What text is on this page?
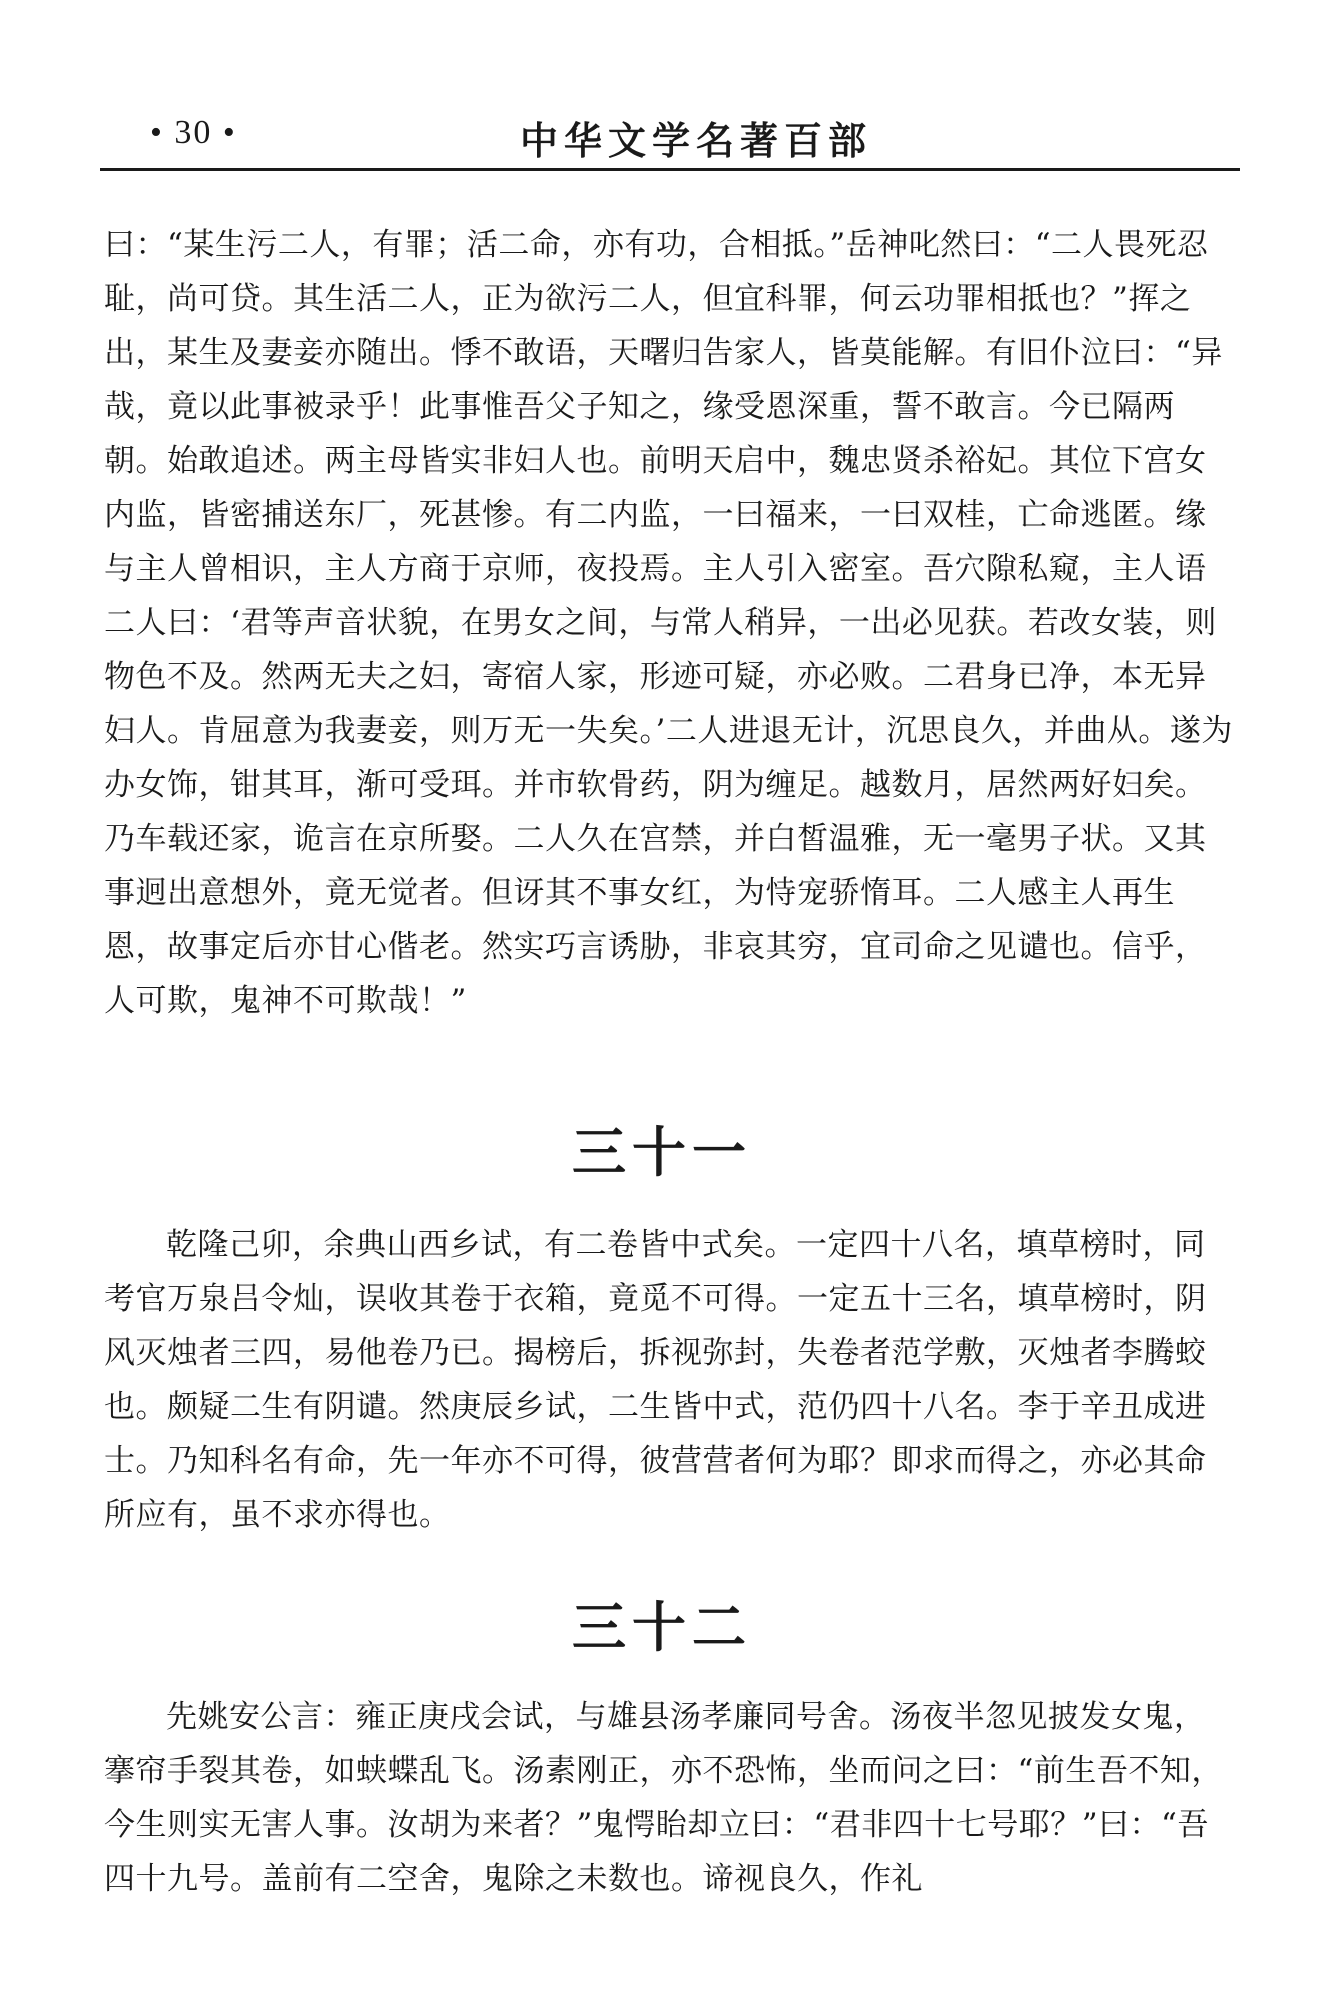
• 30 •	中华文学名著百部

曰：“某生污二人，有罪；活二命，亦有功，合相抵。”岳神叱然曰：“二人畏死忍耻，尚可贷。其生活二人，正为欲污二人，但宜科罪，何云功罪相抵也？”挥之出，某生及妻妾亦随出。悸不敢语，天曙归告家人，皆莫能解。有旧仆泣曰：“异哉，竟以此事被录乎！此事惟吾父子知之，缘受恩深重，誓不敢言。今已隔两朝。始敢追述。两主母皆实非妇人也。前明天启中，魏忠贤杀裕妃。其位下宫女内监，皆密捕送东厂，死甚惨。有二内监，一曰福来，一曰双桂，亡命逃匿。缘与主人曾相识，主人方商于京师，夜投焉。主人引入密室。吾穴隙私窥，主人语二人曰：‘君等声音状貌，在男女之间，与常人稍异，一出必见获。若改女装，则物色不及。然两无夫之妇，寄宿人家，形迹可疑，亦必败。二君身已净，本无异妇人。肯屈意为我妻妾，则万无一失矣。’二人进退无计，沉思良久，并曲从。遂为办女饰，钳其耳，渐可受珥。并市软骨药，阴为缠足。越数月，居然两好妇矣。乃车载还家，诡言在京所娶。二人久在宫禁，并白皙温雅，无一毫男子状。又其事迥出意想外，竟无觉者。但讶其不事女红，为恃宠骄惰耳。二人感主人再生恩，故事定后亦甘心偕老。然实巧言诱胁，非哀其穷，宜司命之见谴也。信乎，人可欺，鬼神不可欺哉！”

三十一

乾隆己卯，余典山西乡试，有二卷皆中式矣。一定四十八名，填草榜时，同考官万泉吕令灿，误收其卷于衣箱，竟觅不可得。一定五十三名，填草榜时，阴风灭烛者三四，易他卷乃已。揭榜后，拆视弥封，失卷者范学敷，灭烛者李腾蛟也。颇疑二生有阴谴。然庚辰乡试，二生皆中式，范仍四十八名。李于辛丑成进士。乃知科名有命，先一年亦不可得，彼营营者何为耶？即求而得之，亦必其命所应有，虽不求亦得也。

三十二

先姚安公言：雍正庚戌会试，与雄县汤孝廉同号舍。汤夜半忽见披发女鬼，搴帘手裂其卷，如蛱蝶乱飞。汤素刚正，亦不恐怖，坐而问之曰：“前生吾不知，今生则实无害人事。汝胡为来者？”鬼愕眙却立曰：“君非四十七号耶？”曰：“吾四十九号。盖前有二空舍，鬼除之未数也。谛视良久，作礼
